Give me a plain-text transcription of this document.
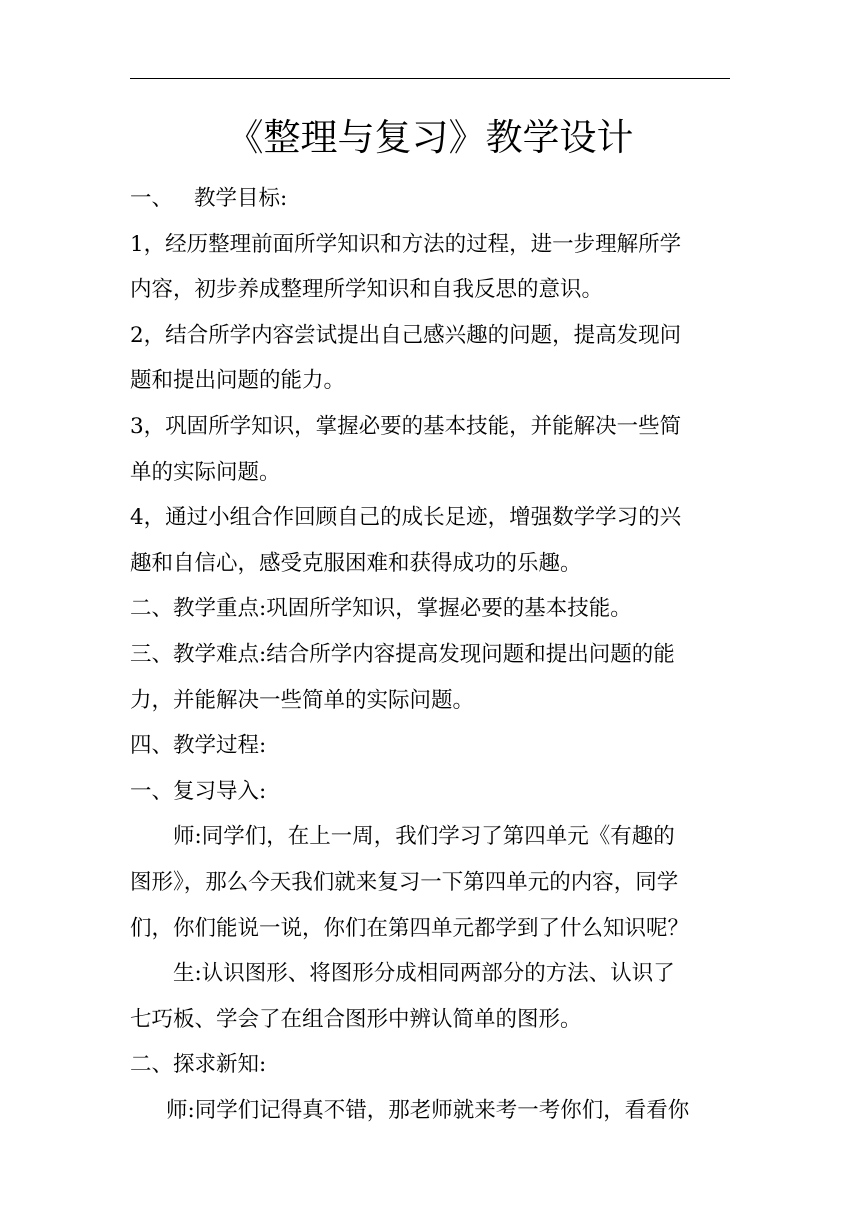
《整理与复习》教学设计
一、 教学目标:
1，经历整理前面所学知识和方法的过程，进一步理解所学
内容，初步养成整理所学知识和自我反思的意识。
2，结合所学内容尝试提出自己感兴趣的问题，提高发现问
题和提出问题的能力。
3，巩固所学知识，掌握必要的基本技能，并能解决一些简
单的实际问题。
4，通过小组合作回顾自己的成长足迹，增强数学学习的兴
趣和自信心，感受克服困难和获得成功的乐趣。
二、教学重点:巩固所学知识，掌握必要的基本技能。
三、教学难点:结合所学内容提高发现问题和提出问题的能
力，并能解决一些简单的实际问题。
四、教学过程:
一、复习导入:
师:同学们，在上一周，我们学习了第四单元《有趣的
图形》，那么今天我们就来复习一下第四单元的内容，同学
们，你们能说一说，你们在第四单元都学到了什么知识呢？
生:认识图形、将图形分成相同两部分的方法、认识了
七巧板、学会了在组合图形中辨认简单的图形。
二、探求新知:
师:同学们记得真不错，那老师就来考一考你们，看看你
